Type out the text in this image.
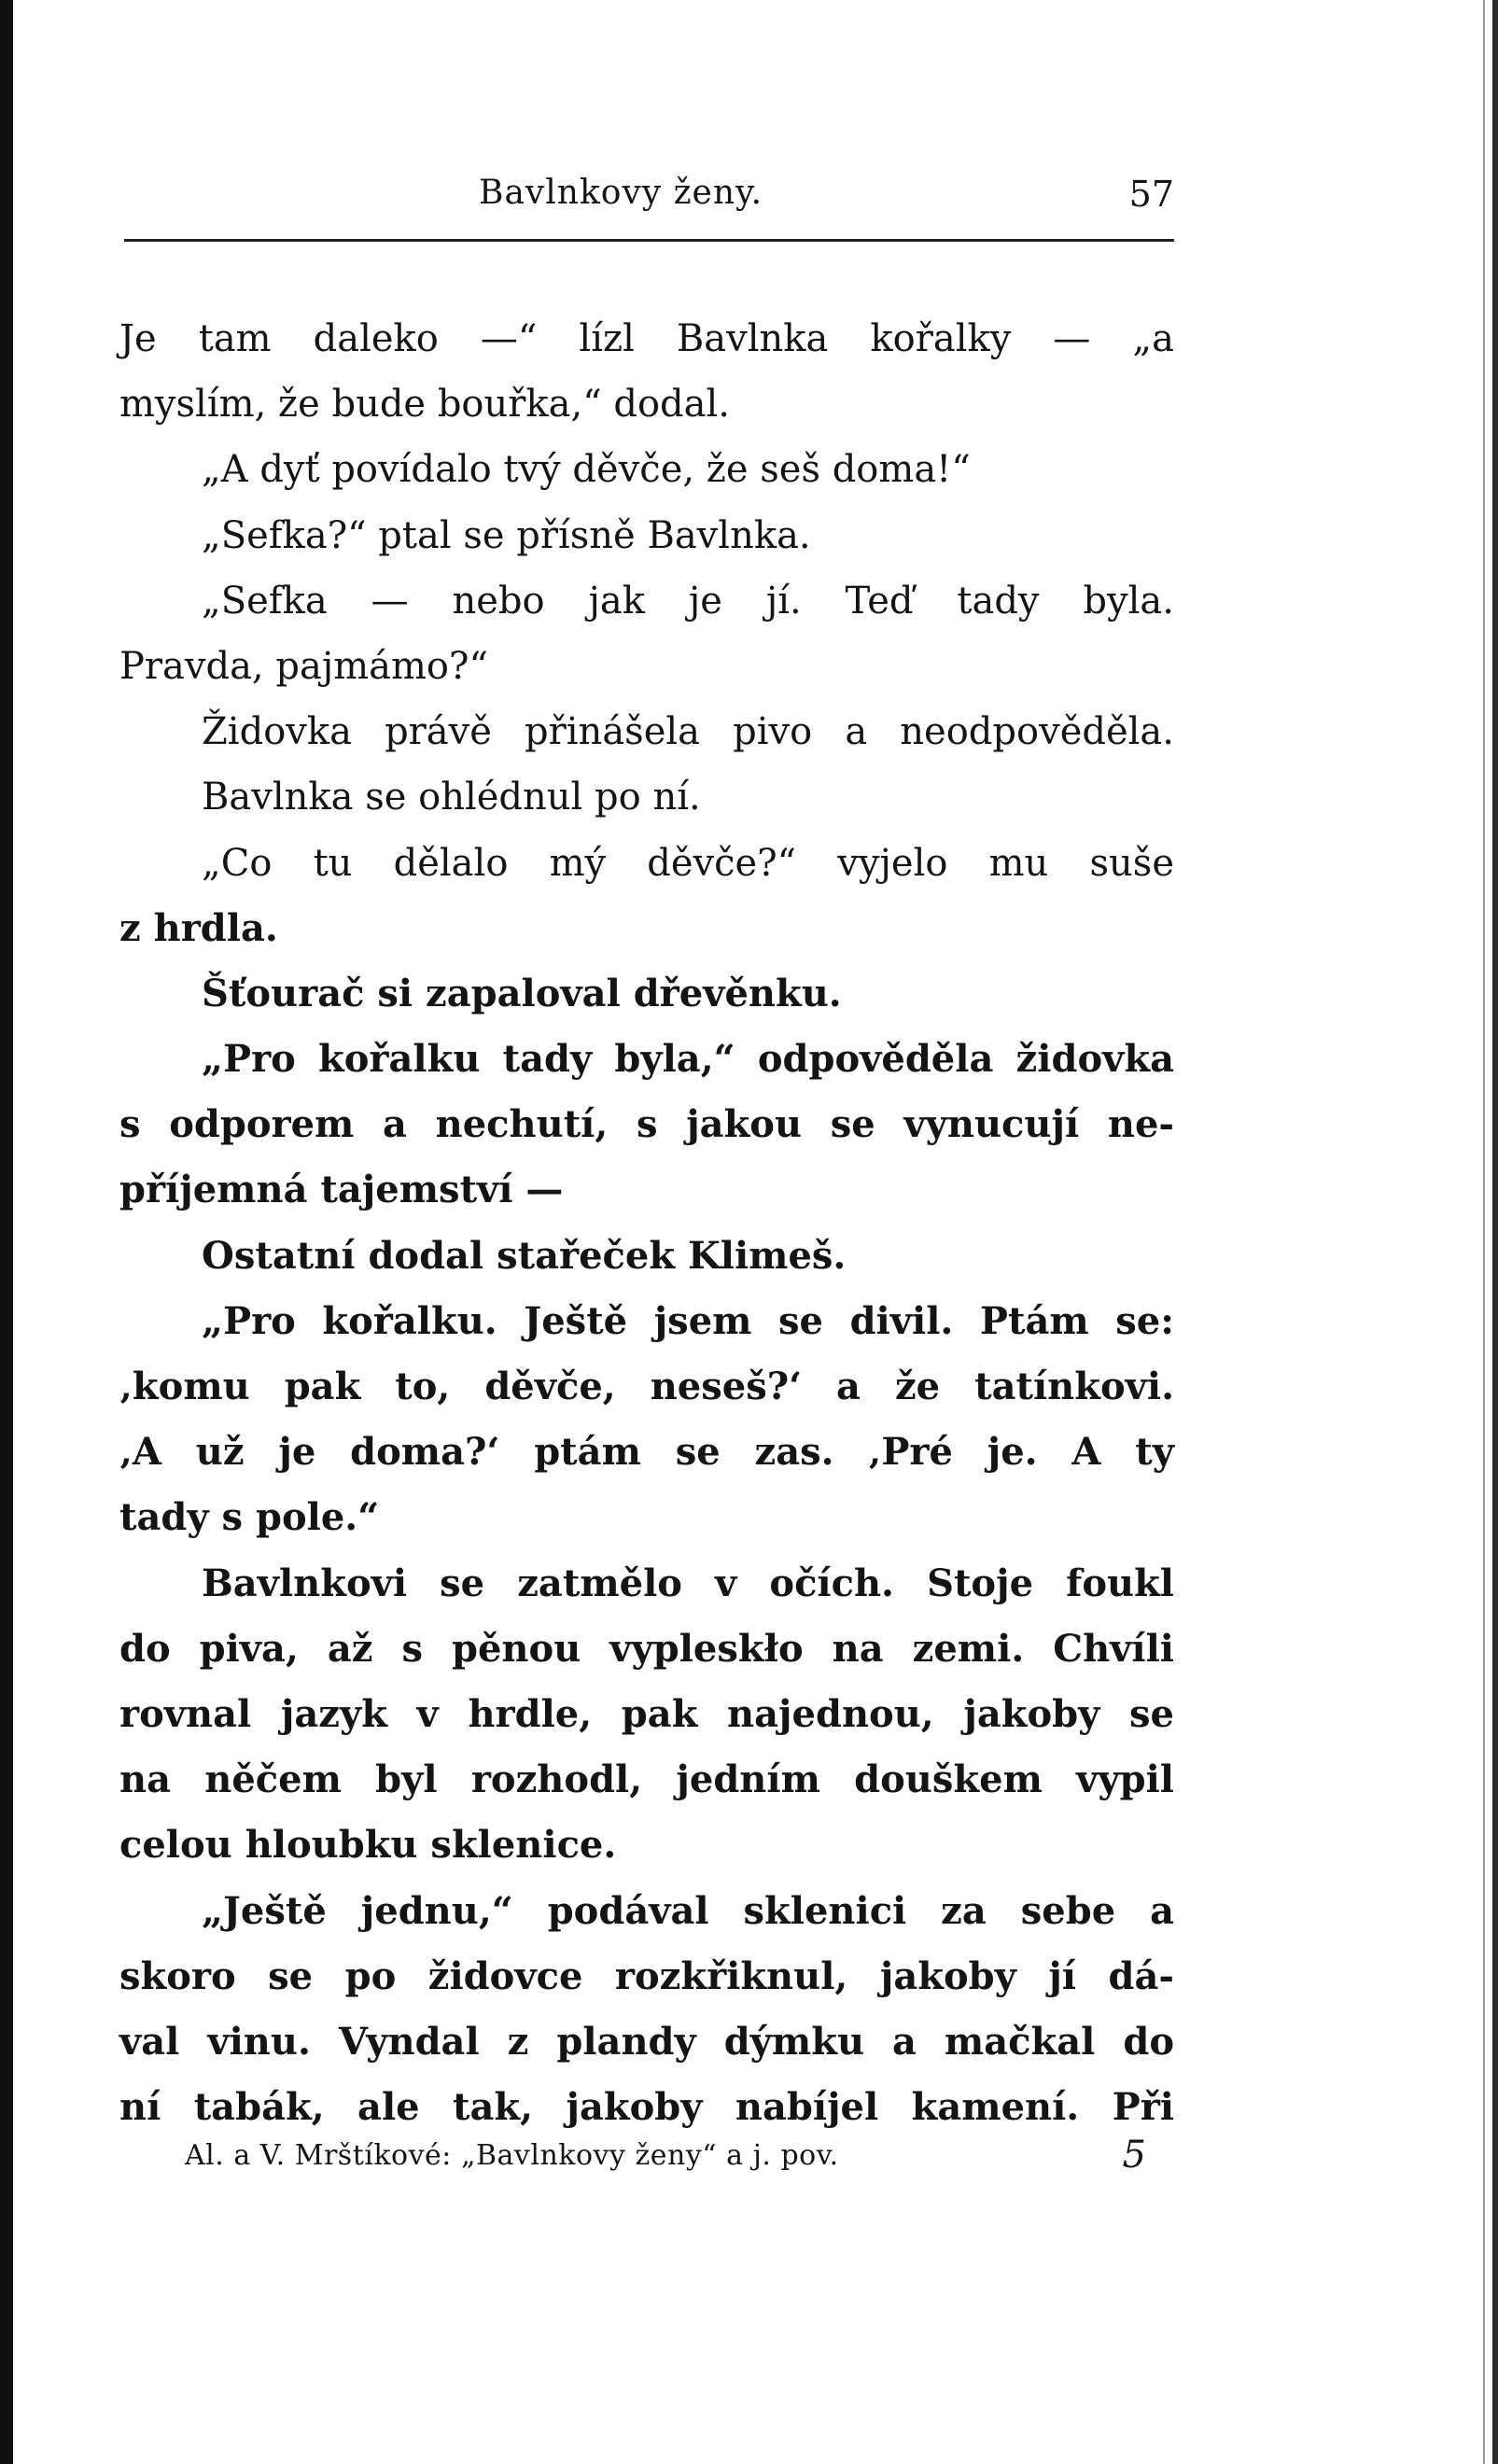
Bavlnkovy ženy.	57
Je tam daleko —“ lízl Bavlnka kořalky — „a
myslím, že bude bouřka,“ dodal.
„A dyť povídalo tvý děvče, že seš doma!“
„Sefka?“ ptal se přísně Bavlnka.
„Sefka — nebo jak je jí. Teď tady byla.
Pravda, pajmámo?“
Židovka právě přinášela pivo a neodpověděla.
Bavlnka se ohlédnul po ní.
„Co tu dělalo mý děvče?“ vyjelo mu suše
z hrdla.
Šťourač si zapaloval dřevěnku.
„Pro kořalku tady byla,“ odpověděla židovka
s odporem a nechutí, s jakou se vynucují ne-
příjemná tajemství —
Ostatní dodal stařeček Klimeš.
„Pro kořalku. Ještě jsem se divil. Ptám se:
‚komu pak to, děvče, neseš?‘ a že tatínkovi.
‚A už je doma?‘ ptám se zas. ‚Pré je. A ty
tady s pole.“
Bavlnkovi se zatmělo v očích. Stoje foukl
do piva, až s pěnou vypleskło na zemi. Chvíli
rovnal jazyk v hrdle, pak najednou, jakoby se
na něčem byl rozhodl, jedním douškem vypil
celou hloubku sklenice.
„Ještě jednu,“ podával sklenici za sebe a
skoro se po židovce rozkřiknul, jakoby jí dá-
val vinu. Vyndal z plandy dýmku a mačkal do
ní tabák, ale tak, jakoby nabíjel kamení. Při
Al. a V. Mrštíkové: „Bavlnkovy ženy“ a j. pov.	5
